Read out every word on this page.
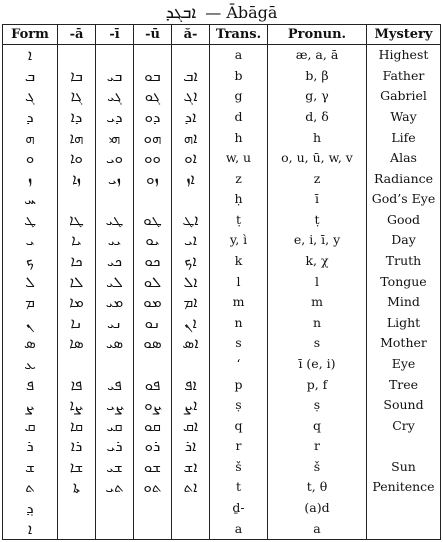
ܐܒܓܕ — Ābāgā
Form	-ā	-ī	-ū	ă-	Trans.	Pronun.	Mystery
ܐ					a	æ, a, ā	Highest
ܒ	ܒܐ	ܒܝ	ܒܘ	ܐܒ	b	b, β	Father
ܓ	ܓܐ	ܓܝ	ܓܘ	ܐܓ	g	g, γ	Gabriel
ܕ	ܕܐ	ܕܝ	ܕܘ	ܐܕ	d	d, δ	Way
ܗ	ܗܐ	ܗܝ	ܗܘ	ܐܗ	h	h	Life
ܘ	ܘܐ	ܘܝ	ܘܘ	ܐܘ	w, u	o, u, ū, w, v	Alas
ܙ	ܙܐ	ܙܝ	ܙܘ	ܐܙ	z	z	Radiance
ܚ					ḥ	ī	God’s Eye
ܛ	ܛܐ	ܛܝ	ܛܘ	ܐܛ	ṭ	ṭ	Good
ܝ	ܝܐ	ܝܝ	ܝܘ	ܐܝ	y, ì	e, i, ī, y	Day
ܟ	ܟܐ	ܟܝ	ܟܘ	ܐܟ	k	k, χ	Truth
ܠ	ܠܐ	ܠܝ	ܠܘ	ܐܠ	l	l	Tongue
ܡ	ܡܐ	ܡܝ	ܡܘ	ܐܡ	m	m	Mind
ܢ	ܢܐ	ܢܝ	ܢܘ	ܐܢ	n	n	Light
ܣ	ܣܐ	ܣܝ	ܣܘ	ܐܣ	s	s	Mother
ܥ					‘	ī (e, i)	Eye
ܦ	ܦܐ	ܦܝ	ܦܘ	ܐܦ	p	p, f	Tree
ܨ	ܨܐ	ܨܝ	ܨܘ	ܐܨ	ṣ	ṣ	Sound
ܩ	ܩܐ	ܩܝ	ܩܘ	ܐܩ	q	q	Cry
ܪ	ܪܐ	ܪܝ	ܪܘ	ܐܪ	r	r	
ܫ	ܫܐ	ܫܝ	ܫܘ	ܐܫ	š	š	Sun
ܬ	ܬܐ	ܬܝ	ܬܘ	ܐܬ	t	t, θ	Penitence
ܕ݂					ḏ-	(a)d	
ܐ					a	a	
